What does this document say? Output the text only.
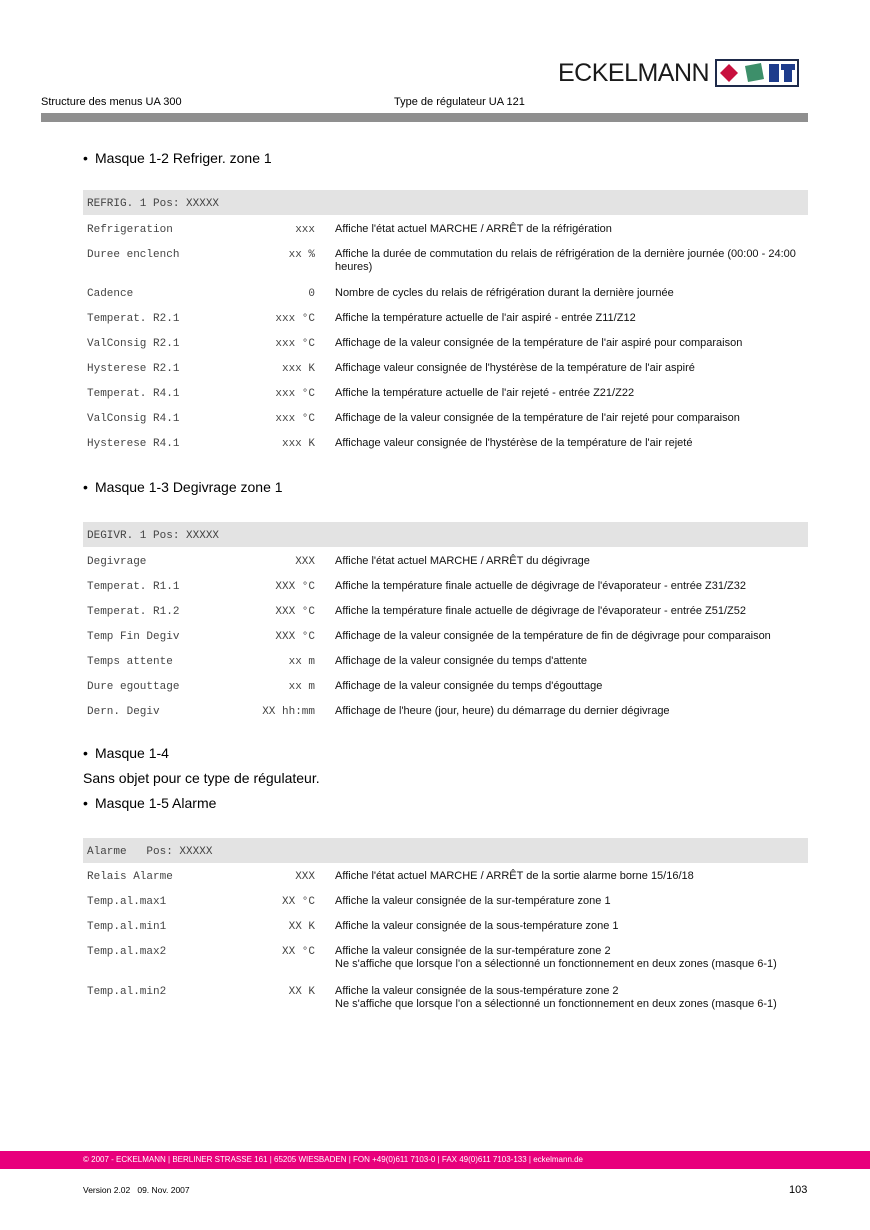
ECKELMANN
Structure des menus UA 300	Type de régulateur UA 121
• Masque 1-2 Refriger. zone 1
REFRIG. 1 Pos: XXXXX
Refrigeration	xxx Affiche l'état actuel MARCHE / ARRÊT de la réfrigération
Duree enclench	xx % Affiche la durée de commutation du relais de réfrigération de la dernière journée (00:00 - 24:00 heures)
Cadence	0 Nombre de cycles du relais de réfrigération durant la dernière journée
Temperat. R2.1	xxx °C Affiche la température actuelle de l'air aspiré - entrée Z11/Z12
ValConsig R2.1	xxx °C Affichage de la valeur consignée de la température de l'air aspiré pour comparaison
Hysterese R2.1	xxx K Affichage valeur consignée de l'hystérèse de la température de l'air aspiré
Temperat. R4.1	xxx °C Affiche la température actuelle de l'air rejeté - entrée Z21/Z22
ValConsig R4.1	xxx °C Affichage de la valeur consignée de la température de l'air rejeté pour comparaison
Hysterese R4.1	xxx K Affichage valeur consignée de l'hystérèse de la température de l'air rejeté
• Masque 1-3 Degivrage zone 1
DEGIVR. 1 Pos: XXXXX
Degivrage	XXX Affiche l'état actuel MARCHE / ARRÊT du dégivrage
Temperat. R1.1	XXX °C Affiche la température finale actuelle de dégivrage de l'évaporateur - entrée Z31/Z32
Temperat. R1.2	XXX °C Affiche la température finale actuelle de dégivrage de l'évaporateur - entrée Z51/Z52
Temp Fin Degiv	XXX °C Affichage de la valeur consignée de la température de fin de dégivrage pour comparaison
Temps attente	xx m Affichage de la valeur consignée du temps d'attente
Dure egouttage	xx m Affichage de la valeur consignée du temps d'égouttage
Dern. Degiv	XX hh:mm Affichage de l'heure (jour, heure) du démarrage du dernier dégivrage
• Masque 1-4
Sans objet pour ce type de régulateur.
• Masque 1-5 Alarme
Alarme   Pos: XXXXX
Relais Alarme	XXX Affiche l'état actuel MARCHE / ARRÊT de la sortie alarme borne 15/16/18
Temp.al.max1	XX °C Affiche la valeur consignée de la sur-température zone 1
Temp.al.min1	XX K Affiche la valeur consignée de la sous-température zone 1
Temp.al.max2	XX °C Affiche la valeur consignée de la sur-température zone 2
Ne s'affiche que lorsque l'on a sélectionné un fonctionnement en deux zones (masque 6-1)
Temp.al.min2	XX K Affiche la valeur consignée de la sous-température zone 2
Ne s'affiche que lorsque l'on a sélectionné un fonctionnement en deux zones (masque 6-1)
© 2007 - ECKELMANN | BERLINER STRASSE 161 | 65205 WIESBADEN | FON +49(0)611 7103-0 | FAX 49(0)611 7103-133 | eckelmann.de
Version 2.02   09. Nov. 2007	103
